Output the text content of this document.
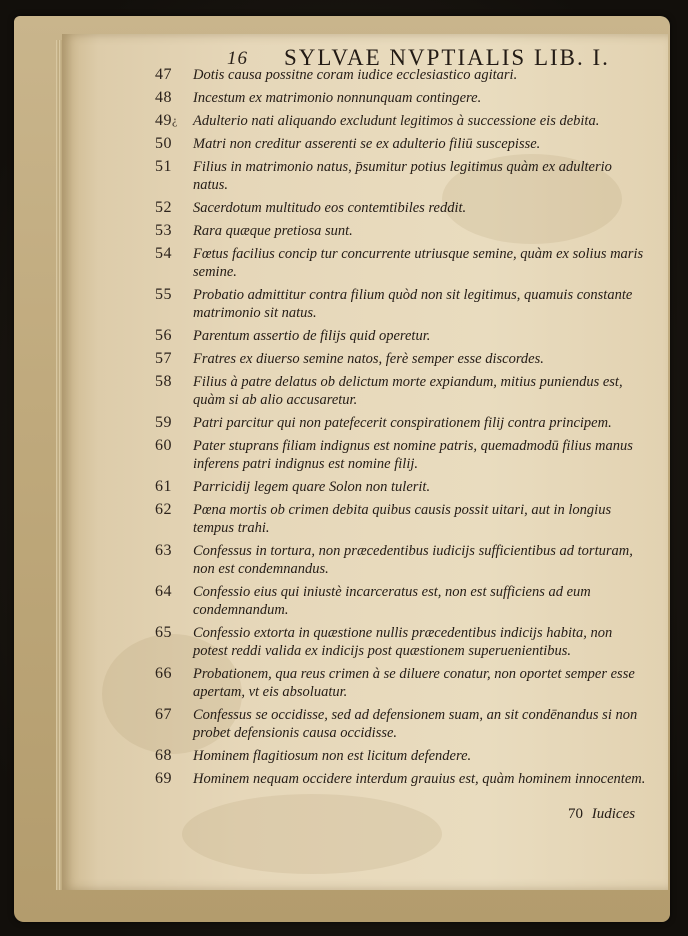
16 SYLVAE NVPTIALIS LIB. I.
¿
47 Dotis causa possitne coram iudice ecclesiastico agitari.
48 Incestum ex matrimonio nonnunquam contingere.
49 Adulterio nati aliquando excludunt legitimos à successione eis debita.
50 Matri non creditur asserenti se ex adulterio filiū suscepisse.
51 Filius in matrimonio natus, p̄sumitur potius legitimus quàm ex adulterio natus.
52 Sacerdotum multitudo eos contemtibiles reddit.
53 Rara quæque pretiosa sunt.
54 Fœtus facilius concip tur concurrente utriusque semine, quàm ex solius maris semine.
55 Probatio admittitur contra filium quòd non sit legitimus, quamuis constante matrimonio sit natus.
56 Parentum assertio de filijs quid operetur.
57 Fratres ex diuerso semine natos, ferè semper esse discordes.
58 Filius à patre delatus ob delictum morte expiandum, mitius puniendus est, quàm si ab alio accusaretur.
59 Patri parcitur qui non patefecerit conspirationem filij contra principem.
60 Pater stuprans filiam indignus est nomine patris, quemadmodū filius manus inferens patri indignus est nomine filij.
61 Parricidij legem quare Solon non tulerit.
62 Pœna mortis ob crimen debita quibus causis possit uitari, aut in longius tempus trahi.
63 Confessus in tortura, non præcedentibus iudicijs sufficientibus ad torturam, non est condemnandus.
64 Confessio eius qui iniustè incarceratus est, non est sufficiens ad eum condemnandum.
65 Confessio extorta in quæstione nullis præcedentibus indicijs habita, non potest reddi valida ex indicijs post quæstionem superuenientibus.
66 Probationem, qua reus crimen à se diluere conatur, non oportet semper esse apertam, vt eis absoluatur.
67 Confessus se occidisse, sed ad defensionem suam, an sit condēnandus si non probet defensionis causa occidisse.
68 Hominem flagitiosum non est licitum defendere.
69 Hominem nequam occidere interdum grauius est, quàm hominem innocentem.
70 Iudices
